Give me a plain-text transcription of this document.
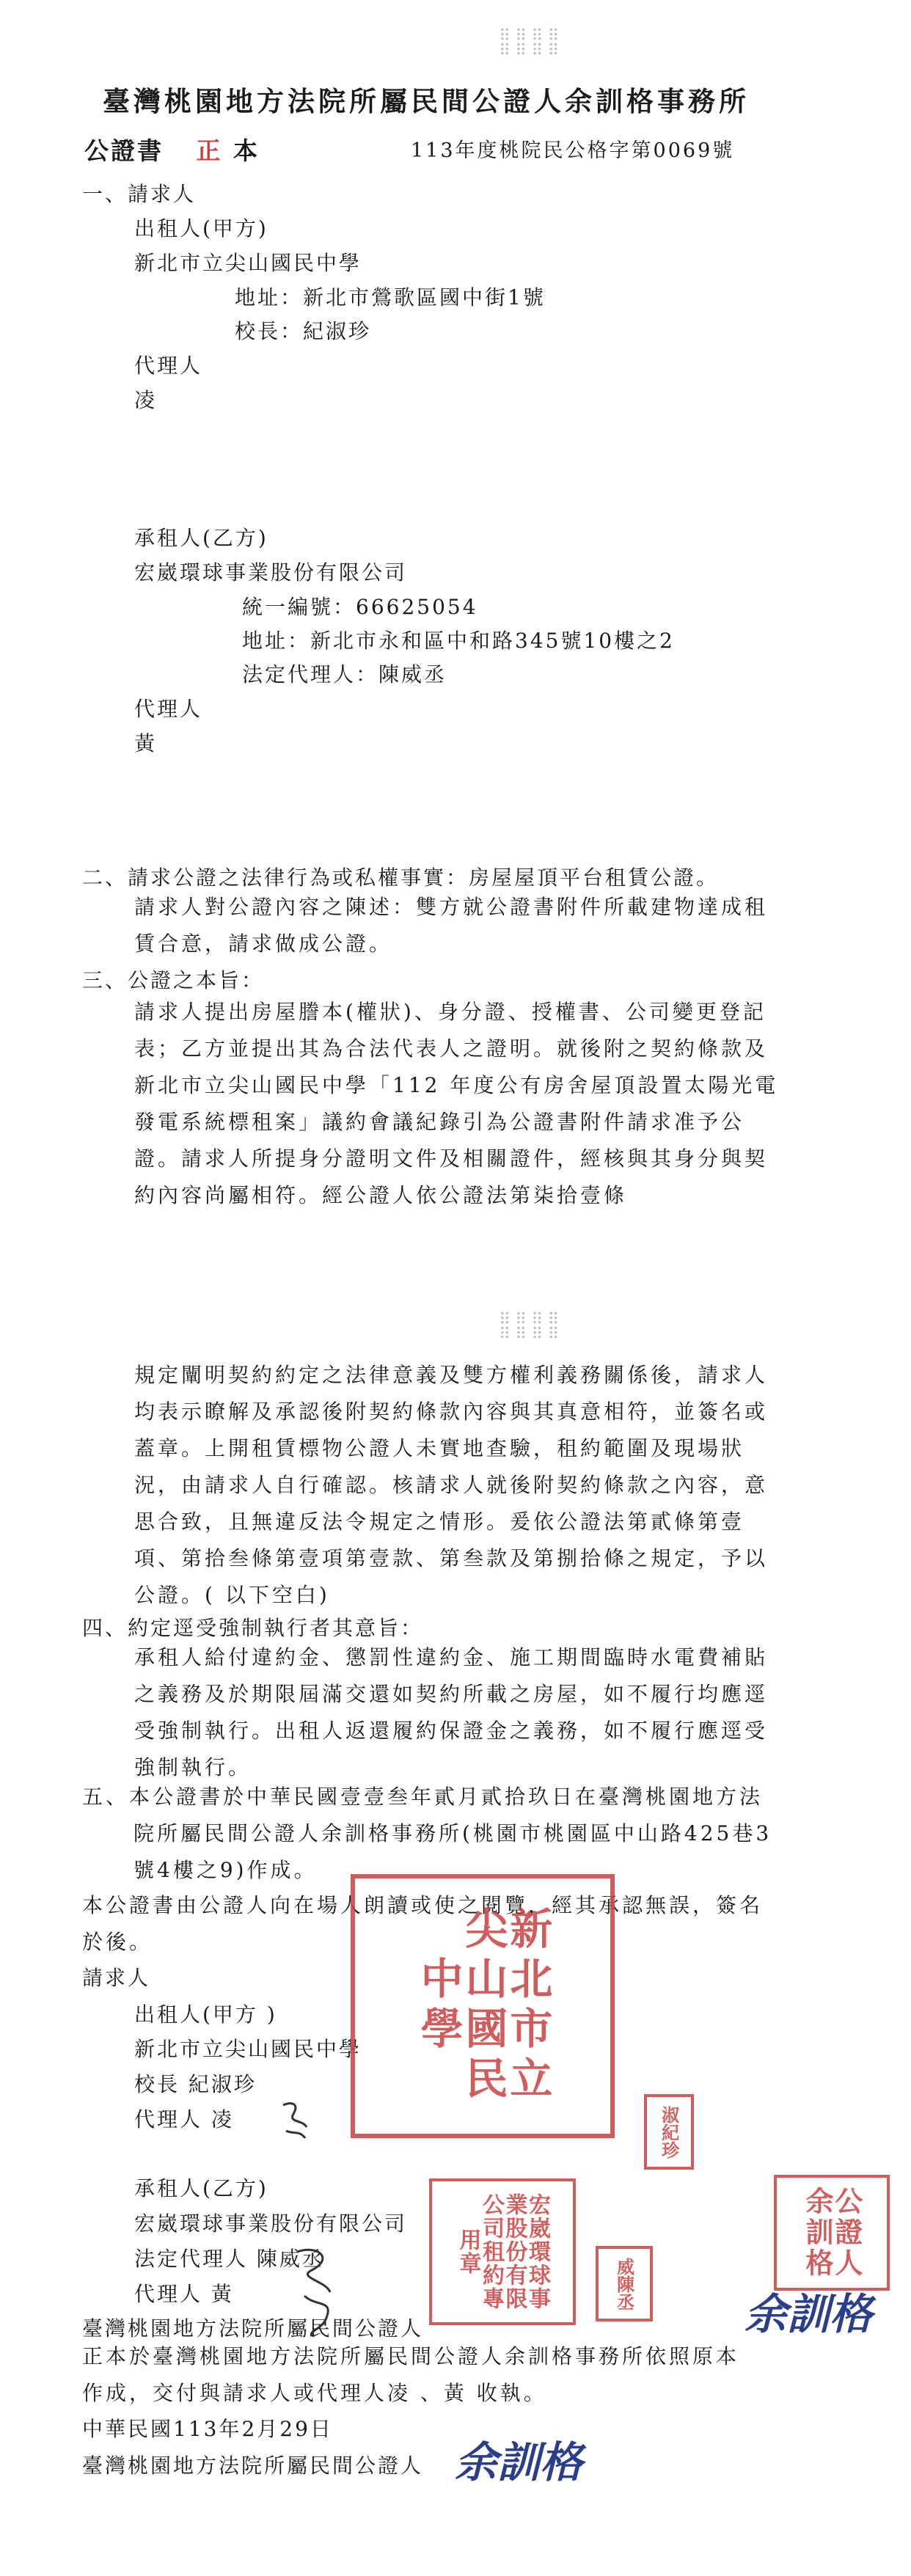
⠿⠿⠿⠿
⠿⠿⠿⠿
⠿⠿⠿⠿
⠿⠿⠿⠿
臺灣桃園地方法院所屬民間公證人余訓格事務所
公證書 正 本	113年度桃院民公格字第0069號
一、請求人
出租人(甲方)
新北市立尖山國民中學
地址：新北市鶯歌區國中街1號
校長：紀淑珍
代理人
凌
承租人(乙方)
宏崴環球事業股份有限公司
統一編號：66625054
地址：新北市永和區中和路345號10樓之2
法定代理人：陳威丞
代理人
黃
二、請求公證之法律行為或私權事實：房屋屋頂平台租賃公證。
請求人對公證內容之陳述：雙方就公證書附件所載建物達成租賃合意，請求做成公證。
三、公證之本旨：
請求人提出房屋謄本(權狀)、身分證、授權書、公司變更登記表；乙方並提出其為合法代表人之證明。就後附之契約條款及新北市立尖山國民中學「112 年度公有房舍屋頂設置太陽光電發電系統標租案」議約會議紀錄引為公證書附件請求准予公證。請求人所提身分證明文件及相關證件，經核與其身分與契約內容尚屬相符。經公證人依公證法第柒拾壹條
規定闡明契約約定之法律意義及雙方權利義務關係後，請求人均表示瞭解及承認後附契約條款內容與其真意相符，並簽名或蓋章。上開租賃標物公證人未實地查驗，租約範圍及現場狀況，由請求人自行確認。核請求人就後附契約條款之內容，意思合致，且無違反法令規定之情形。爰依公證法第貳條第壹項、第拾叁條第壹項第壹款、第叁款及第捌拾條之規定，予以公證。( 以下空白)
四、約定逕受強制執行者其意旨：
承租人給付違約金、懲罰性違約金、施工期間臨時水電費補貼之義務及於期限屆滿交還如契約所載之房屋，如不履行均應逕受強制執行。出租人返還履約保證金之義務，如不履行應逕受強制執行。
五、本公證書於中華民國壹壹叁年貳月貳拾玖日在臺灣桃園地方法院所屬民間公證人余訓格事務所(桃園市桃園區中山路425巷3號4樓之9)作成。
本公證書由公證人向在場人朗讀或使之閱覽，經其承認無誤，簽名於後。
請求人
出租人(甲方 )
新北市立尖山國民中學
校長 紀淑珍
代理人 凌
承租人(乙方)
宏崴環球事業股份有限公司
法定代理人 陳威丞
代理人 黃
臺灣桃園地方法院所屬民間公證人
正本於臺灣桃園地方法院所屬民間公證人余訓格事務所依照原本作成，交付與請求人或代理人凌 、黃 收執。
中華民國113年2月29日
臺灣桃園地方法院所屬民間公證人
新北市立尖山國民中學
淑紀珍
宏崴環球事業股份有限公司租約專用章
威陳丞
公證人余訓格
余訓格
余訓格
